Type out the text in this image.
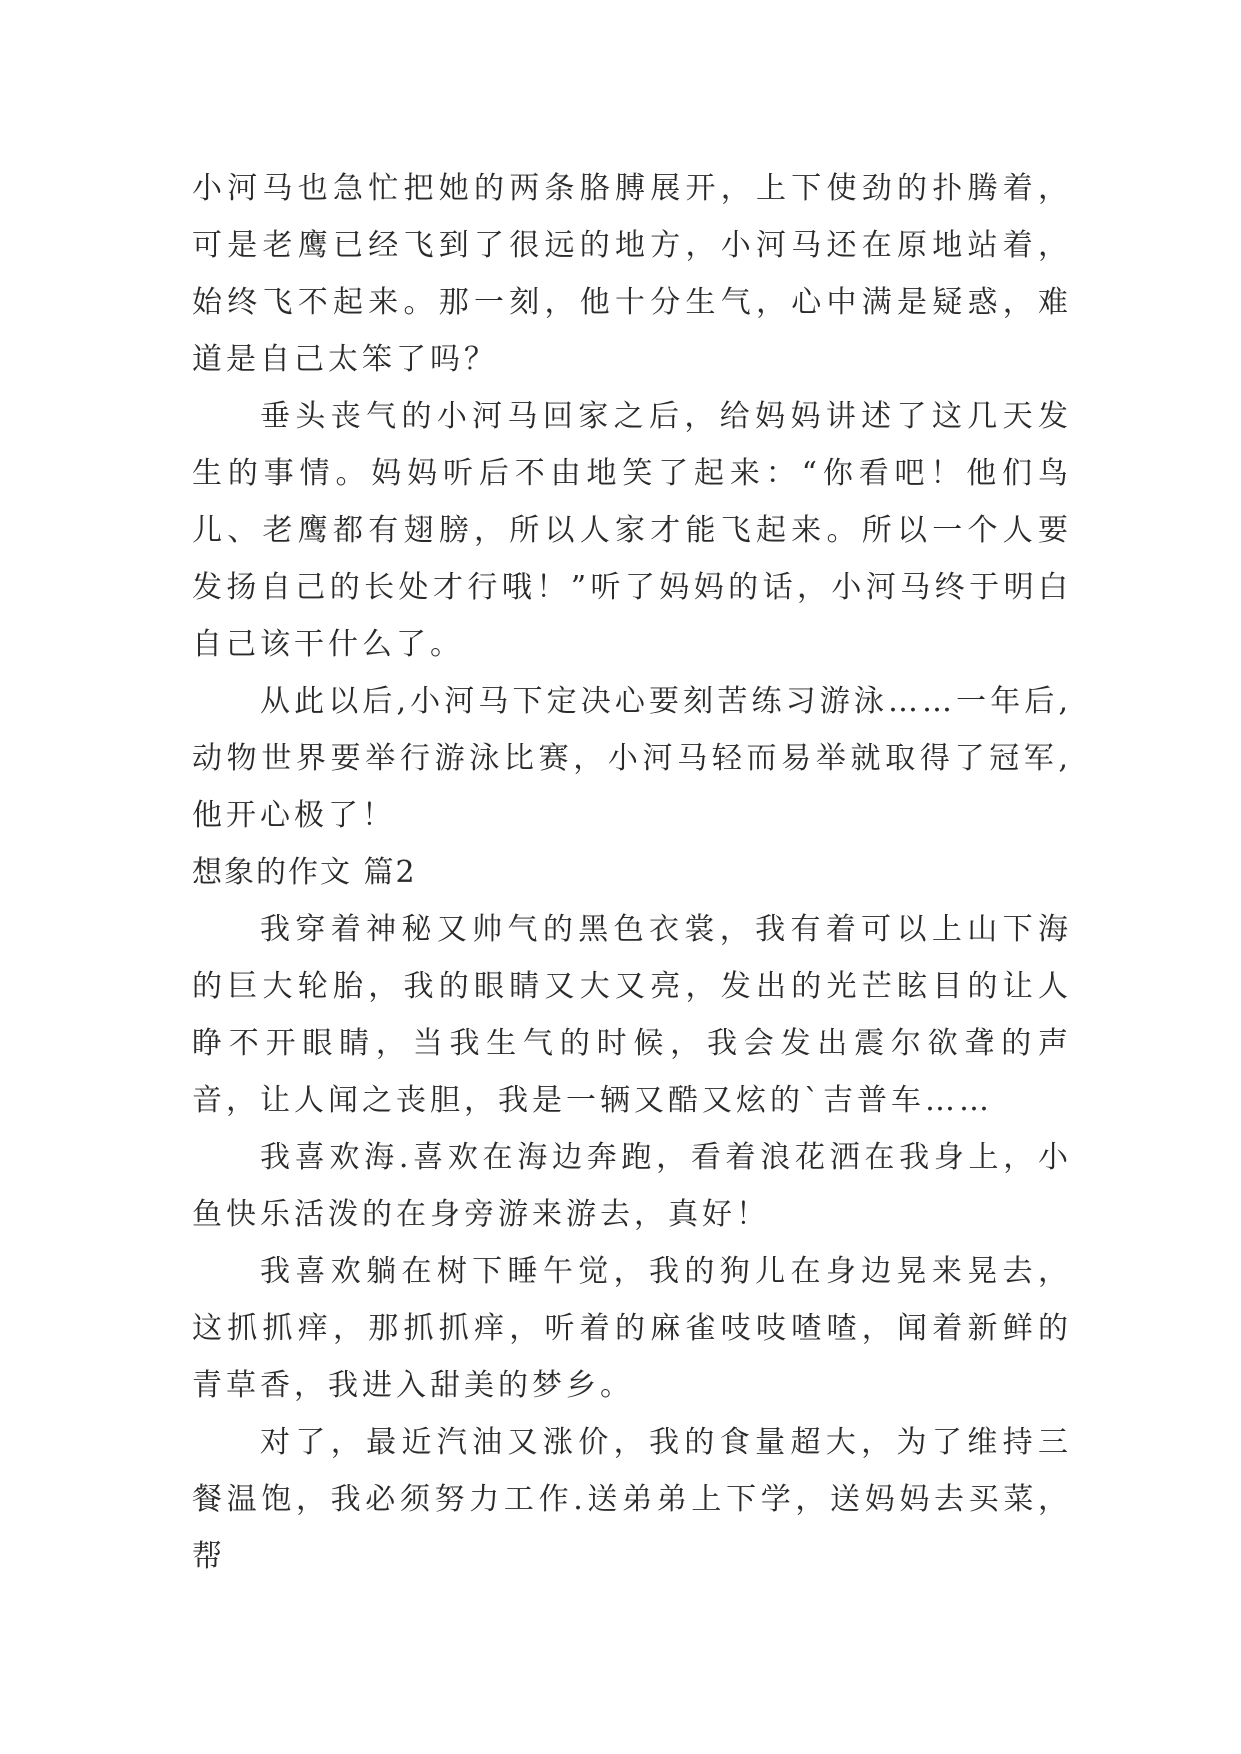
小河马也急忙把她的两条胳膊展开，上下使劲的扑腾着，可是老鹰已经飞到了很远的地方，小河马还在原地站着，始终飞不起来。那一刻，他十分生气，心中满是疑惑，难道是自己太笨了吗？

垂头丧气的小河马回家之后，给妈妈讲述了这几天发生的事情。妈妈听后不由地笑了起来：“你看吧！他们鸟儿、老鹰都有翅膀，所以人家才能飞起来。所以一个人要发扬自己的长处才行哦！”听了妈妈的话，小河马终于明白自己该干什么了。

从此以后,小河马下定决心要刻苦练习游泳……一年后,动物世界要举行游泳比赛，小河马轻而易举就取得了冠军,他开心极了！

想象的作文 篇2

我穿着神秘又帅气的黑色衣裳，我有着可以上山下海的巨大轮胎，我的眼睛又大又亮，发出的光芒眩目的让人睁不开眼睛，当我生气的时候，我会发出震尔欲聋的声音，让人闻之丧胆，我是一辆又酷又炫的`吉普车……

我喜欢海.喜欢在海边奔跑，看着浪花洒在我身上，小鱼快乐活泼的在身旁游来游去，真好！

我喜欢躺在树下睡午觉，我的狗儿在身边晃来晃去，这抓抓痒，那抓抓痒，听着的麻雀吱吱喳喳，闻着新鲜的青草香，我进入甜美的梦乡。

对了，最近汽油又涨价，我的食量超大，为了维持三餐温饱，我必须努力工作.送弟弟上下学，送妈妈去买菜，帮
